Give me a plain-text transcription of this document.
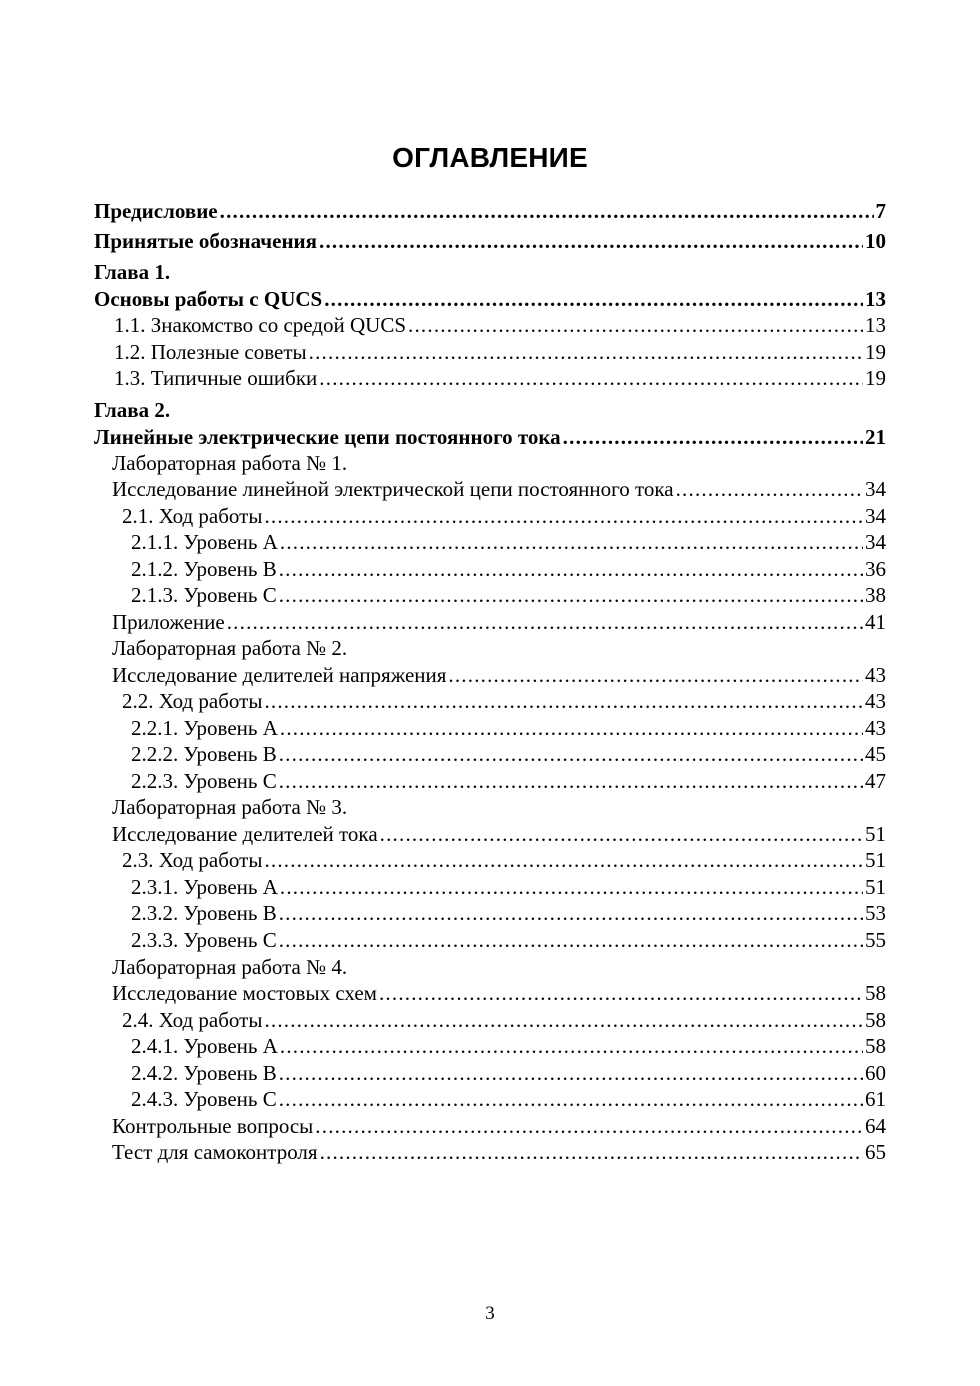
ОГЛАВЛЕНИЕ
Предисловие .....	7
Принятые обозначения .....	10
Глава 1.
Основы работы с QUCS .....	13
1.1. Знакомство со средой QUCS .....	13
1.2. Полезные советы .....	19
1.3. Типичные ошибки .....	19
Глава 2.
Линейные электрические цепи постоянного тока .....	21
Лабораторная работа № 1.
Исследование линейной электрической цепи постоянного тока .....	34
2.1. Ход работы .....	34
2.1.1. Уровень А .....	34
2.1.2. Уровень В .....	36
2.1.3. Уровень С .....	38
Приложение .....	41
Лабораторная работа № 2.
Исследование делителей напряжения .....	43
2.2. Ход работы .....	43
2.2.1. Уровень А .....	43
2.2.2. Уровень В .....	45
2.2.3. Уровень С .....	47
Лабораторная работа № 3.
Исследование делителей тока .....	51
2.3. Ход работы .....	51
2.3.1. Уровень А .....	51
2.3.2. Уровень В .....	53
2.3.3. Уровень С .....	55
Лабораторная работа № 4.
Исследование мостовых схем .....	58
2.4. Ход работы .....	58
2.4.1. Уровень А .....	58
2.4.2. Уровень В .....	60
2.4.3. Уровень С .....	61
Контрольные вопросы .....	64
Тест для самоконтроля .....	65
3
